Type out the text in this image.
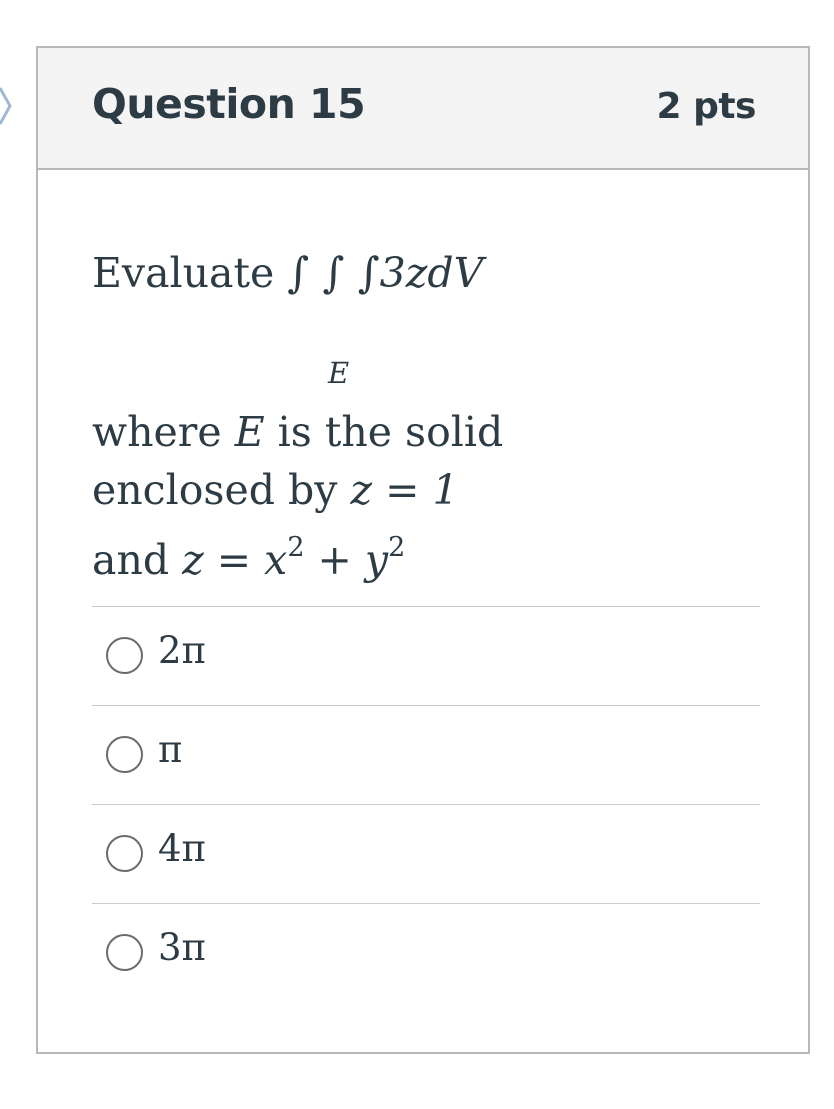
Question 15	2 pts
Evaluate ∫ ∫ ∫3zdV
E
where E is the solid
enclosed by z = 1
and $z = x^2 + y^2$
2π
π
4π
3π
